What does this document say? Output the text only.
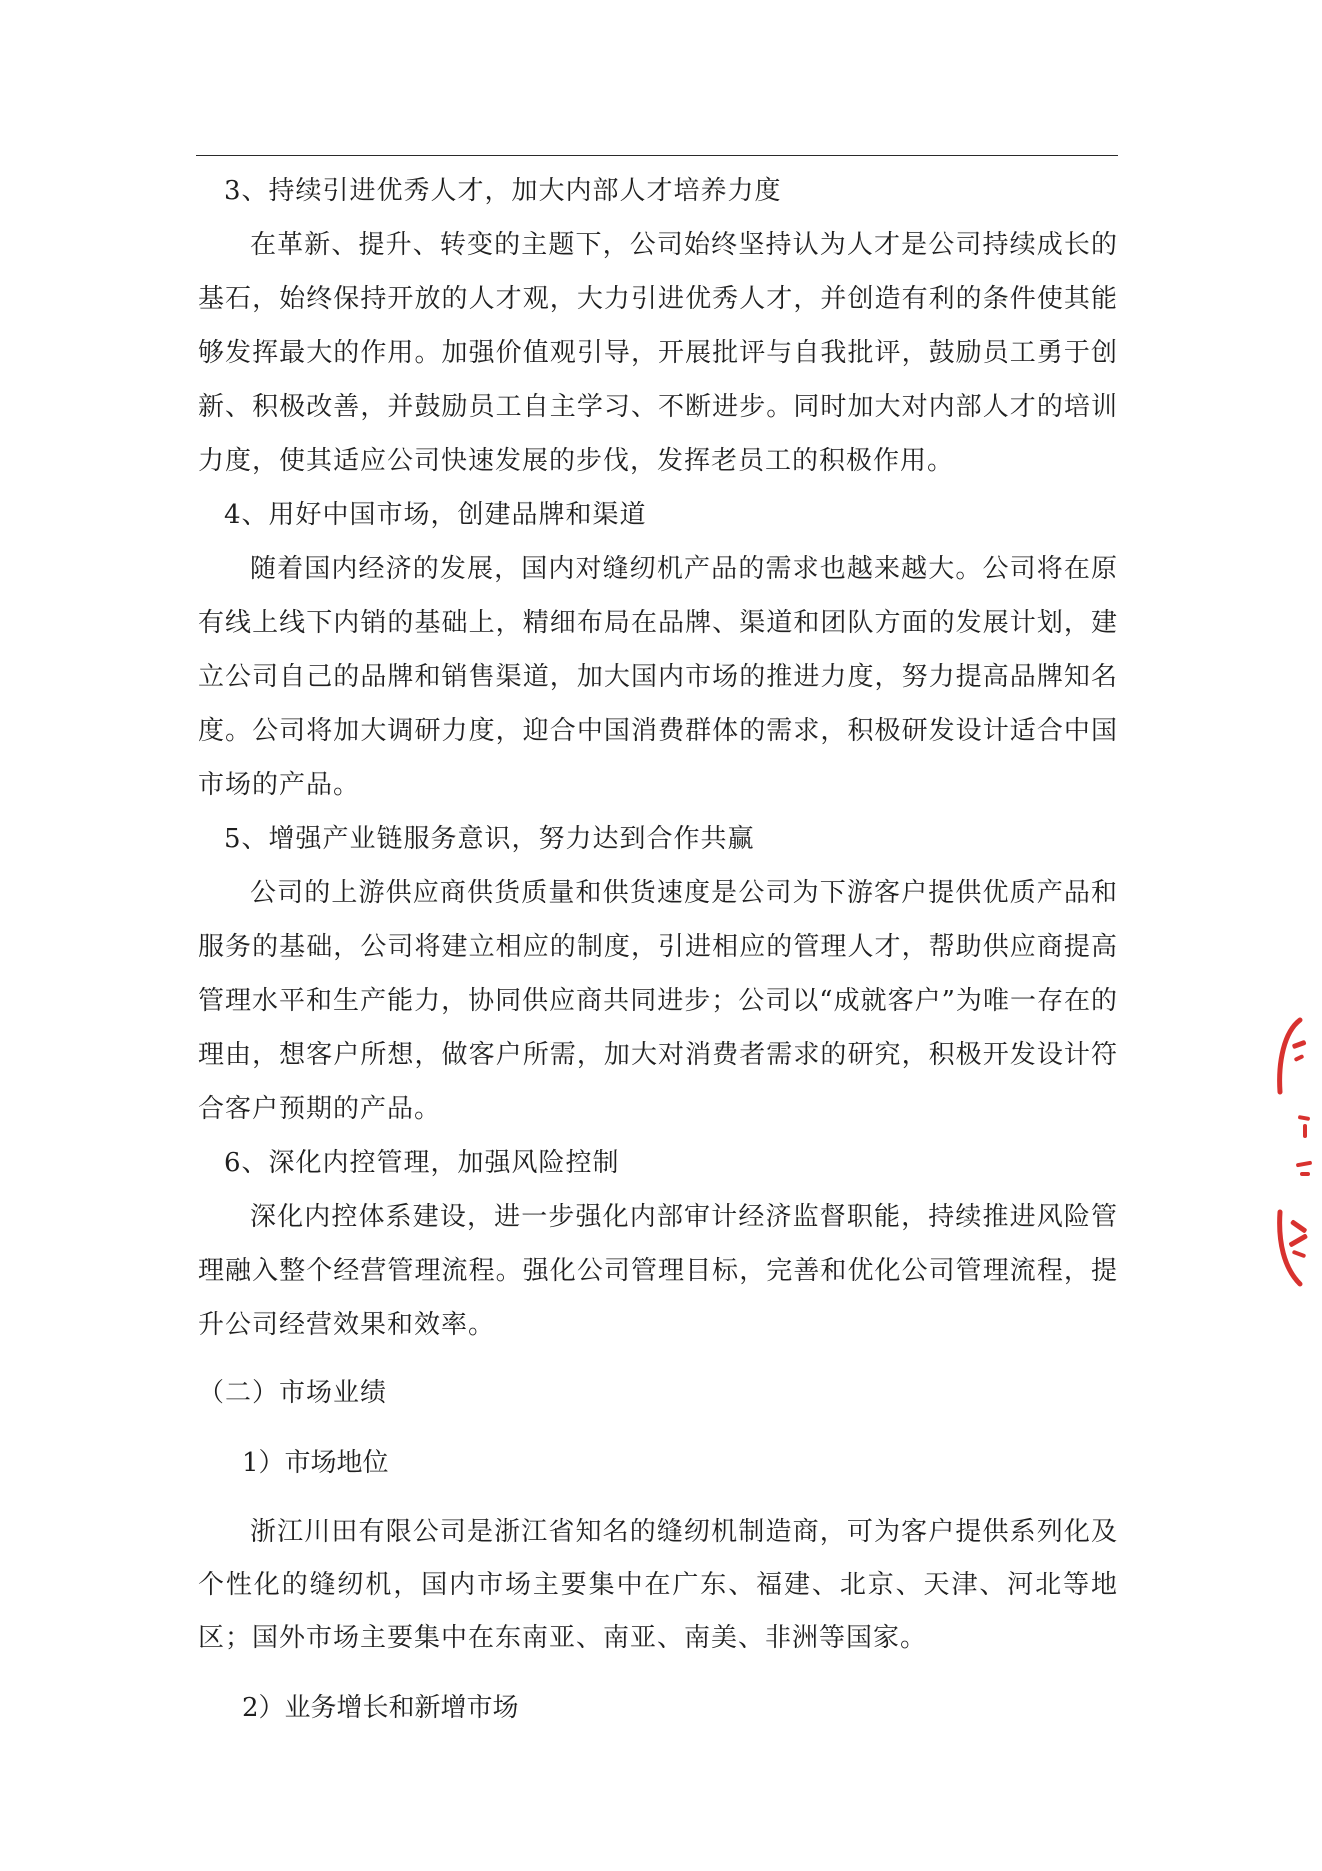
3、持续引进优秀人才，加大内部人才培养力度

在革新、提升、转变的主题下，公司始终坚持认为人才是公司持续成长的基石，始终保持开放的人才观，大力引进优秀人才，并创造有利的条件使其能够发挥最大的作用。加强价值观引导，开展批评与自我批评，鼓励员工勇于创新、积极改善，并鼓励员工自主学习、不断进步。同时加大对内部人才的培训力度，使其适应公司快速发展的步伐，发挥老员工的积极作用。

4、用好中国市场，创建品牌和渠道

随着国内经济的发展，国内对缝纫机产品的需求也越来越大。公司将在原有线上线下内销的基础上，精细布局在品牌、渠道和团队方面的发展计划，建立公司自己的品牌和销售渠道，加大国内市场的推进力度，努力提高品牌知名度。公司将加大调研力度，迎合中国消费群体的需求，积极研发设计适合中国市场的产品。

5、增强产业链服务意识，努力达到合作共赢

公司的上游供应商供货质量和供货速度是公司为下游客户提供优质产品和服务的基础，公司将建立相应的制度，引进相应的管理人才，帮助供应商提高管理水平和生产能力，协同供应商共同进步；公司以“成就客户”为唯一存在的理由，想客户所想，做客户所需，加大对消费者需求的研究，积极开发设计符合客户预期的产品。

6、深化内控管理，加强风险控制

深化内控体系建设，进一步强化内部审计经济监督职能，持续推进风险管理融入整个经营管理流程。强化公司管理目标，完善和优化公司管理流程，提升公司经营效果和效率。

（二）市场业绩
1）市场地位

浙江川田有限公司是浙江省知名的缝纫机制造商，可为客户提供系列化及个性化的缝纫机，国内市场主要集中在广东、福建、北京、天津、河北等地区；国外市场主要集中在东南亚、南亚、南美、非洲等国家。

2）业务增长和新增市场
